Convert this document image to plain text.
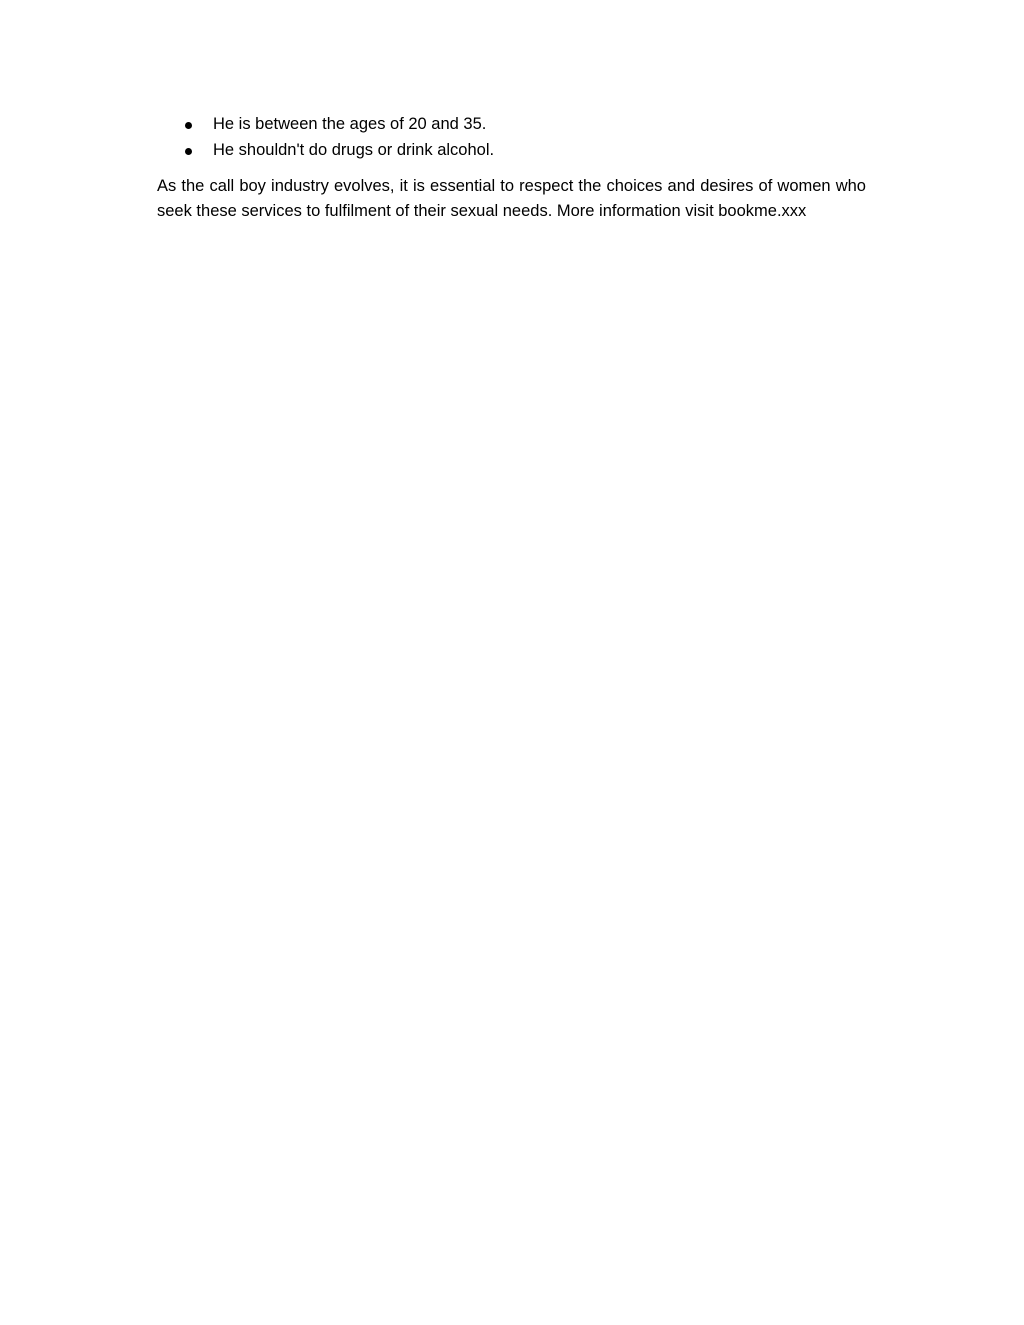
He is between the ages of 20 and 35.
He shouldn't do drugs or drink alcohol.

As the call boy industry evolves, it is essential to respect the choices and desires of women who seek these services to fulfilment of their sexual needs. More information visit bookme.xxx
